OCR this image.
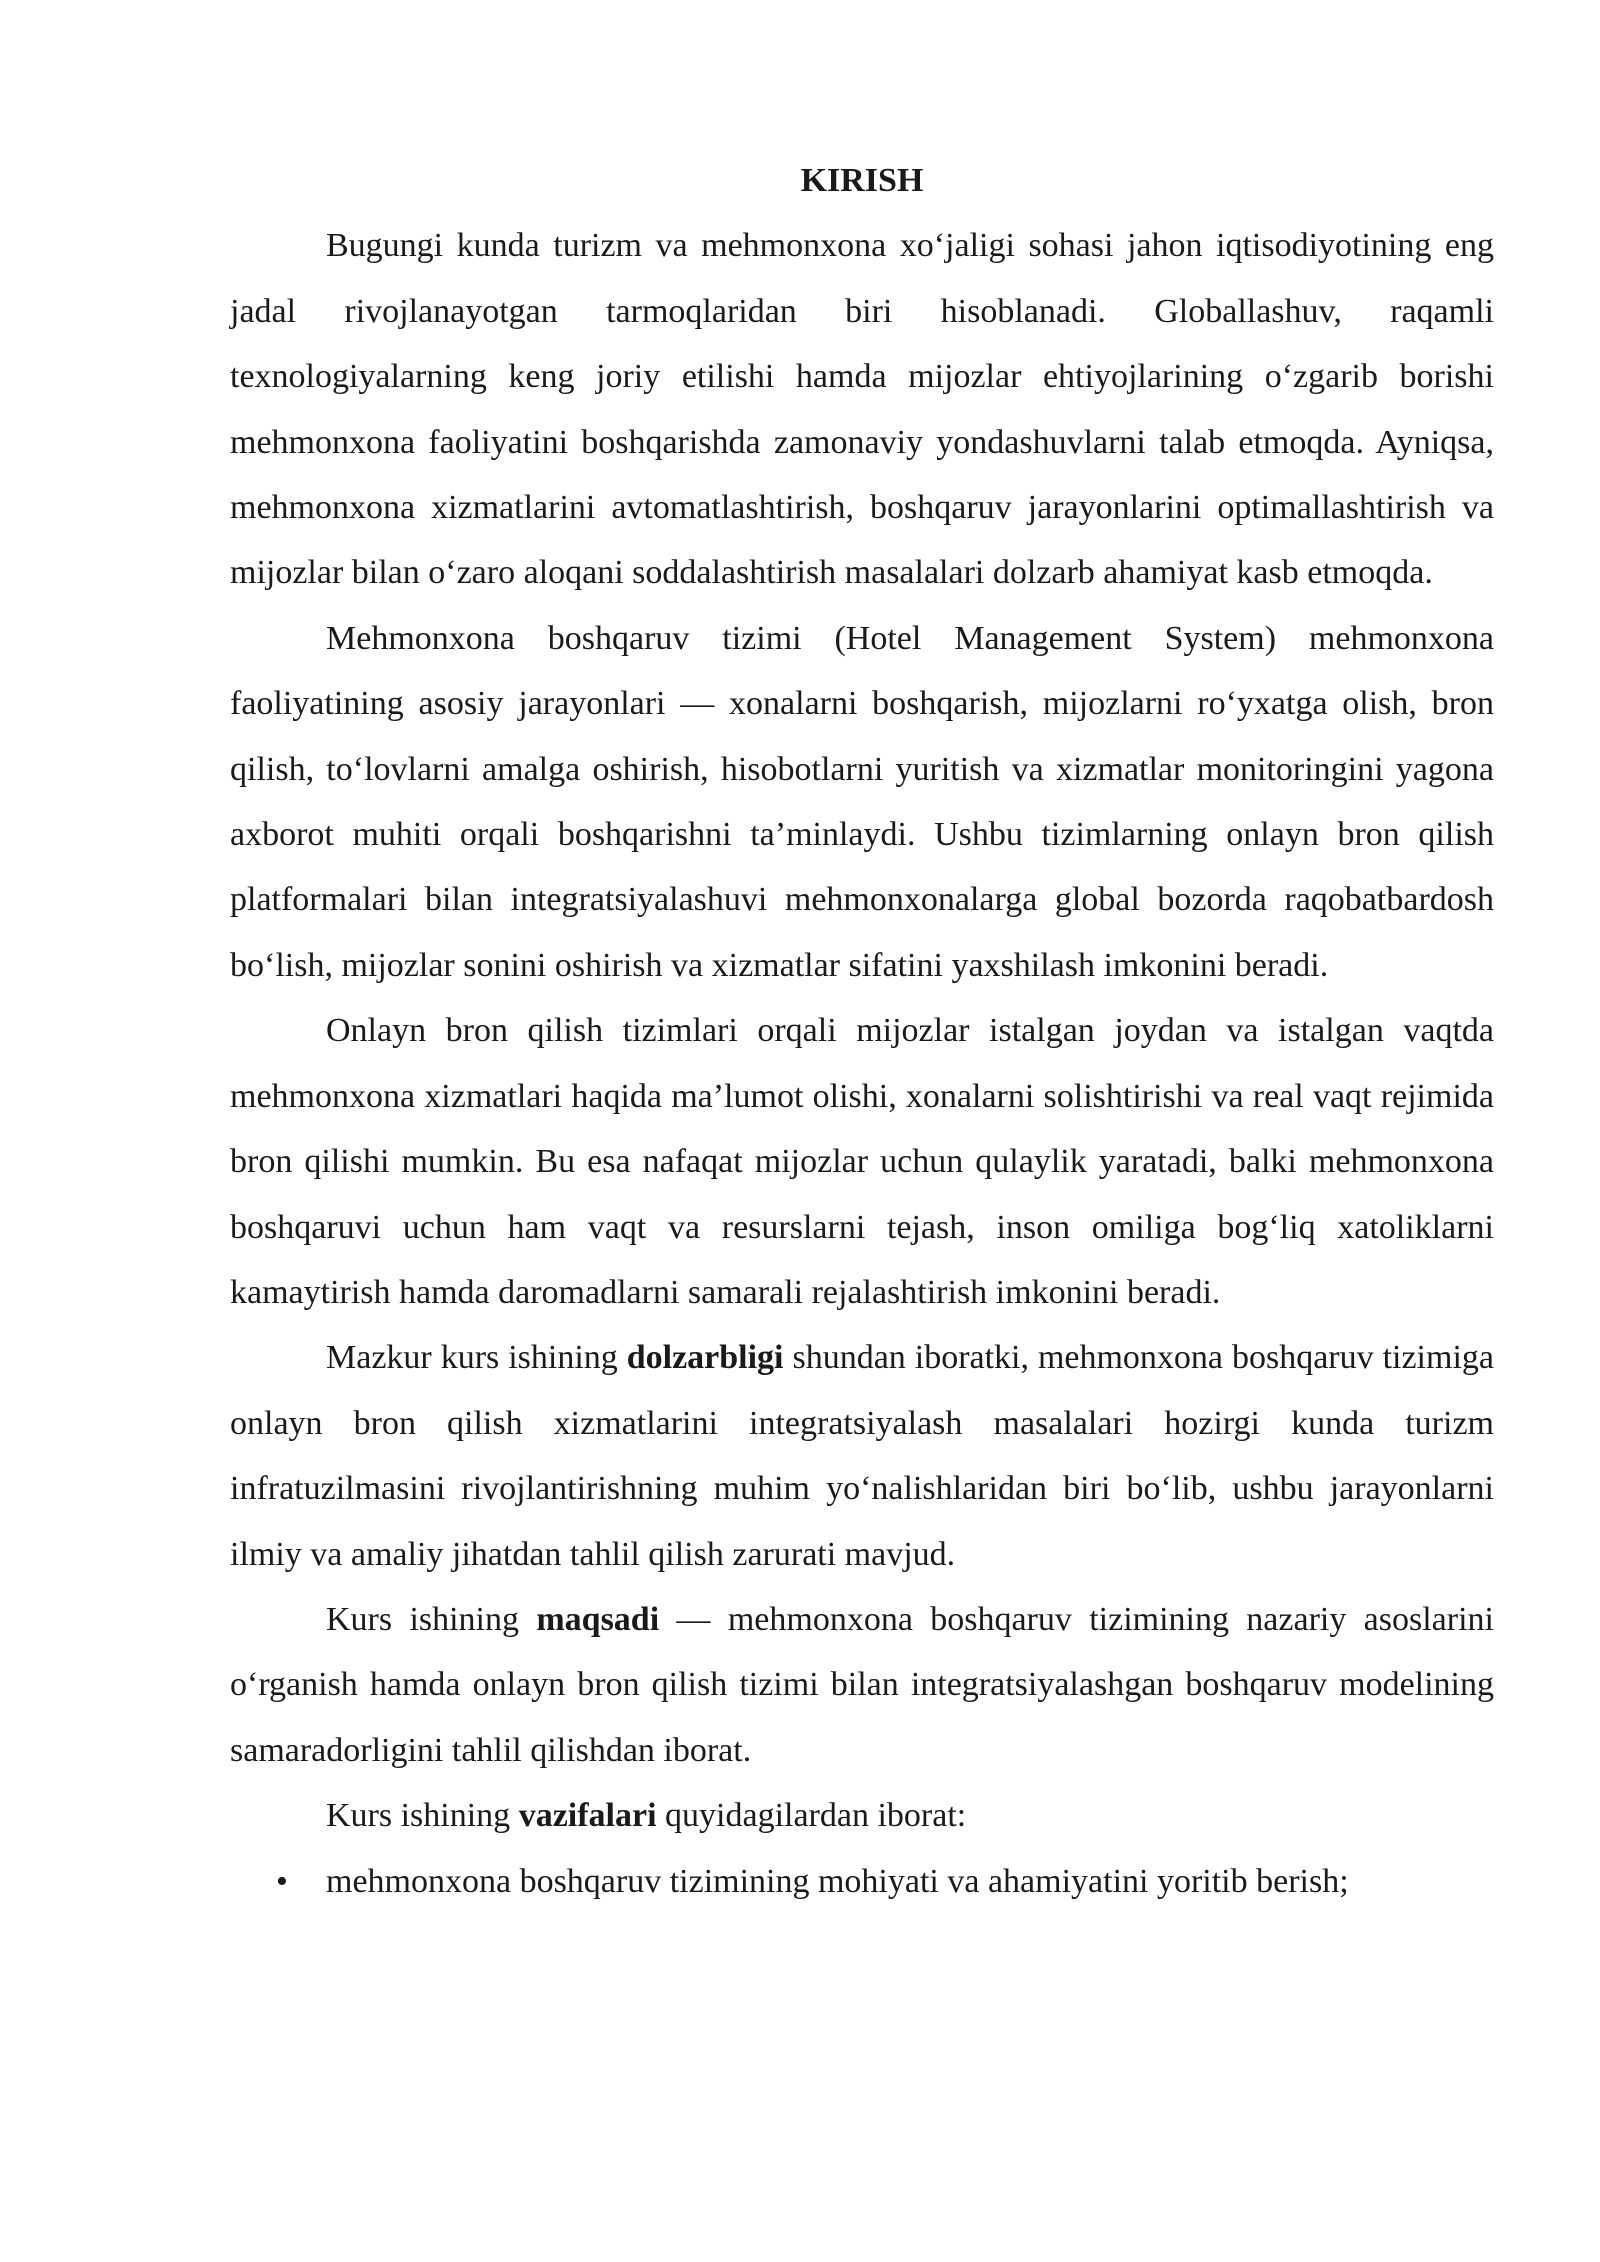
KIRISH

Bugungi kunda turizm va mehmonxona xo‘jaligi sohasi jahon iqtisodiyotining eng jadal rivojlanayotgan tarmoqlaridan biri hisoblanadi. Globallashuv, raqamli texnologiyalarning keng joriy etilishi hamda mijozlar ehtiyojlarining o‘zgarib borishi mehmonxona faoliyatini boshqarishda zamonaviy yondashuvlarni talab etmoqda. Ayniqsa, mehmonxona xizmatlarini avtomatlashtirish, boshqaruv jarayonlarini optimallashtirish va mijozlar bilan o‘zaro aloqani soddalashtirish masalalari dolzarb ahamiyat kasb etmoqda.

Mehmonxona boshqaruv tizimi (Hotel Management System) mehmonxona faoliyatining asosiy jarayonlari — xonalarni boshqarish, mijozlarni ro‘yxatga olish, bron qilish, to‘lovlarni amalga oshirish, hisobotlarni yuritish va xizmatlar monitoringini yagona axborot muhiti orqali boshqarishni ta’minlaydi. Ushbu tizimlarning onlayn bron qilish platformalari bilan integratsiyalashuvi mehmonxonalarga global bozorda raqobatbardosh bo‘lish, mijozlar sonini oshirish va xizmatlar sifatini yaxshilash imkonini beradi.

Onlayn bron qilish tizimlari orqali mijozlar istalgan joydan va istalgan vaqtda mehmonxona xizmatlari haqida ma’lumot olishi, xonalarni solishtirishi va real vaqt rejimida bron qilishi mumkin. Bu esa nafaqat mijozlar uchun qulaylik yaratadi, balki mehmonxona boshqaruvi uchun ham vaqt va resurslarni tejash, inson omiliga bog‘liq xatoliklarni kamaytirish hamda daromadlarni samarali rejalashtirish imkonini beradi.

Mazkur kurs ishining dolzarbligi shundan iboratki, mehmonxona boshqaruv tizimiga onlayn bron qilish xizmatlarini integratsiyalash masalalari hozirgi kunda turizm infratuzilmasini rivojlantirishning muhim yo‘nalishlaridan biri bo‘lib, ushbu jarayonlarni ilmiy va amaliy jihatdan tahlil qilish zarurati mavjud.

Kurs ishining maqsadi — mehmonxona boshqaruv tizimining nazariy asoslarini o‘rganish hamda onlayn bron qilish tizimi bilan integratsiyalashgan boshqaruv modelining samaradorligini tahlil qilishdan iborat.

Kurs ishining vazifalari quyidagilardan iborat:

• mehmonxona boshqaruv tizimining mohiyati va ahamiyatini yoritib berish;
